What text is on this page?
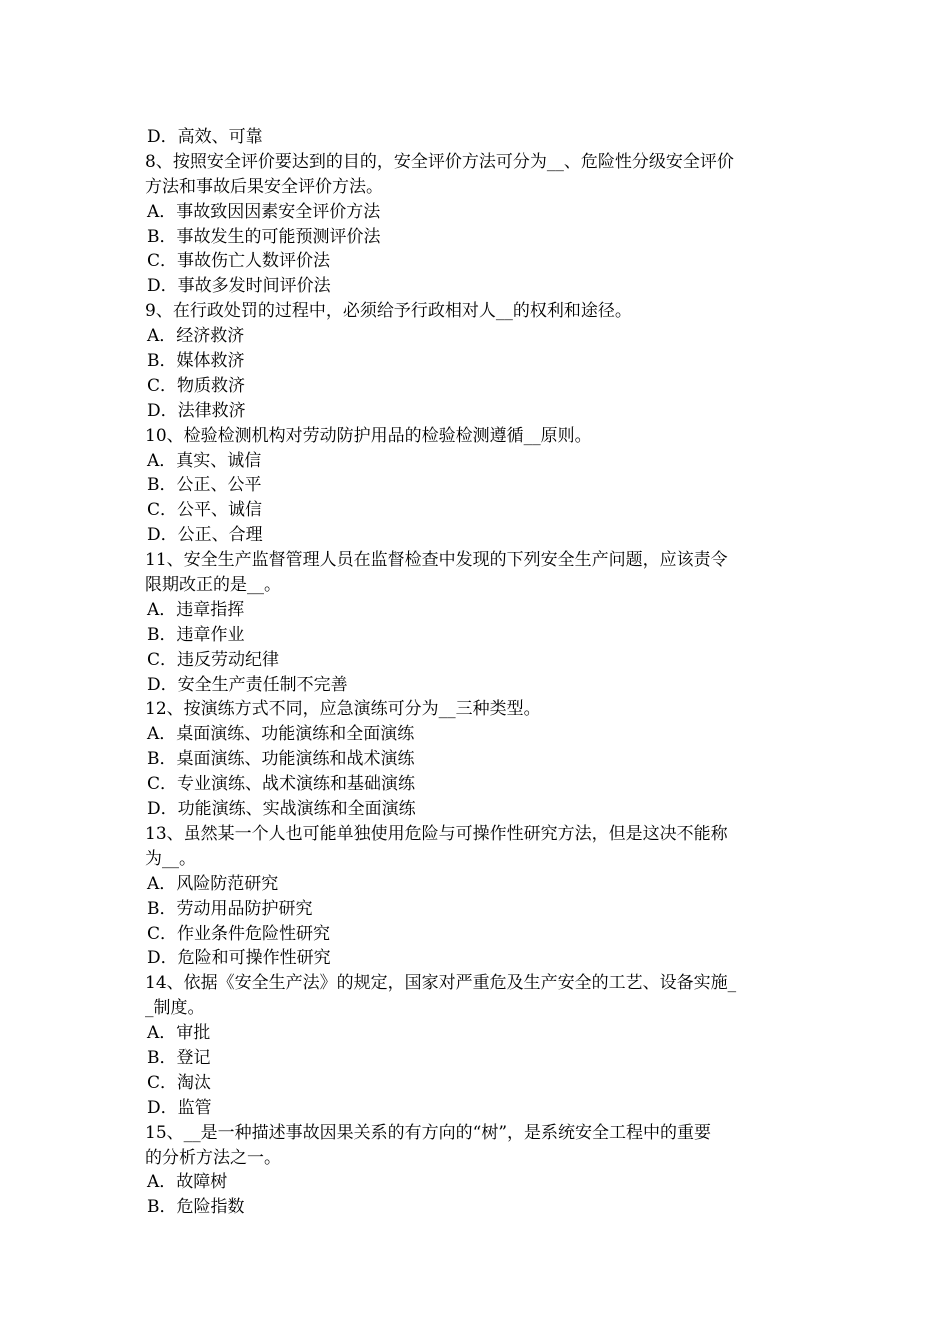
D．高效、可靠
8、按照安全评价要达到的目的，安全评价方法可分为__、危险性分级安全评价
方法和事故后果安全评价方法。
A．事故致因因素安全评价方法
B．事故发生的可能预测评价法
C．事故伤亡人数评价法
D．事故多发时间评价法
9、在行政处罚的过程中，必须给予行政相对人__的权利和途径。
A．经济救济
B．媒体救济
C．物质救济
D．法律救济
10、检验检测机构对劳动防护用品的检验检测遵循__原则。
A．真实、诚信
B．公正、公平
C．公平、诚信
D．公正、合理
11、安全生产监督管理人员在监督检查中发现的下列安全生产问题，应该责令
限期改正的是__。
A．违章指挥
B．违章作业
C．违反劳动纪律
D．安全生产责任制不完善
12、按演练方式不同，应急演练可分为__三种类型。
A．桌面演练、功能演练和全面演练
B．桌面演练、功能演练和战术演练
C．专业演练、战术演练和基础演练
D．功能演练、实战演练和全面演练
13、虽然某一个人也可能单独使用危险与可操作性研究方法，但是这决不能称
为__。
A．风险防范研究
B．劳动用品防护研究
C．作业条件危险性研究
D．危险和可操作性研究
14、依据《安全生产法》的规定，国家对严重危及生产安全的工艺、设备实施_
_制度。
A．审批
B．登记
C．淘汰
D．监管
15、__是一种描述事故因果关系的有方向的“树”，是系统安全工程中的重要
的分析方法之一。
A．故障树
B．危险指数
